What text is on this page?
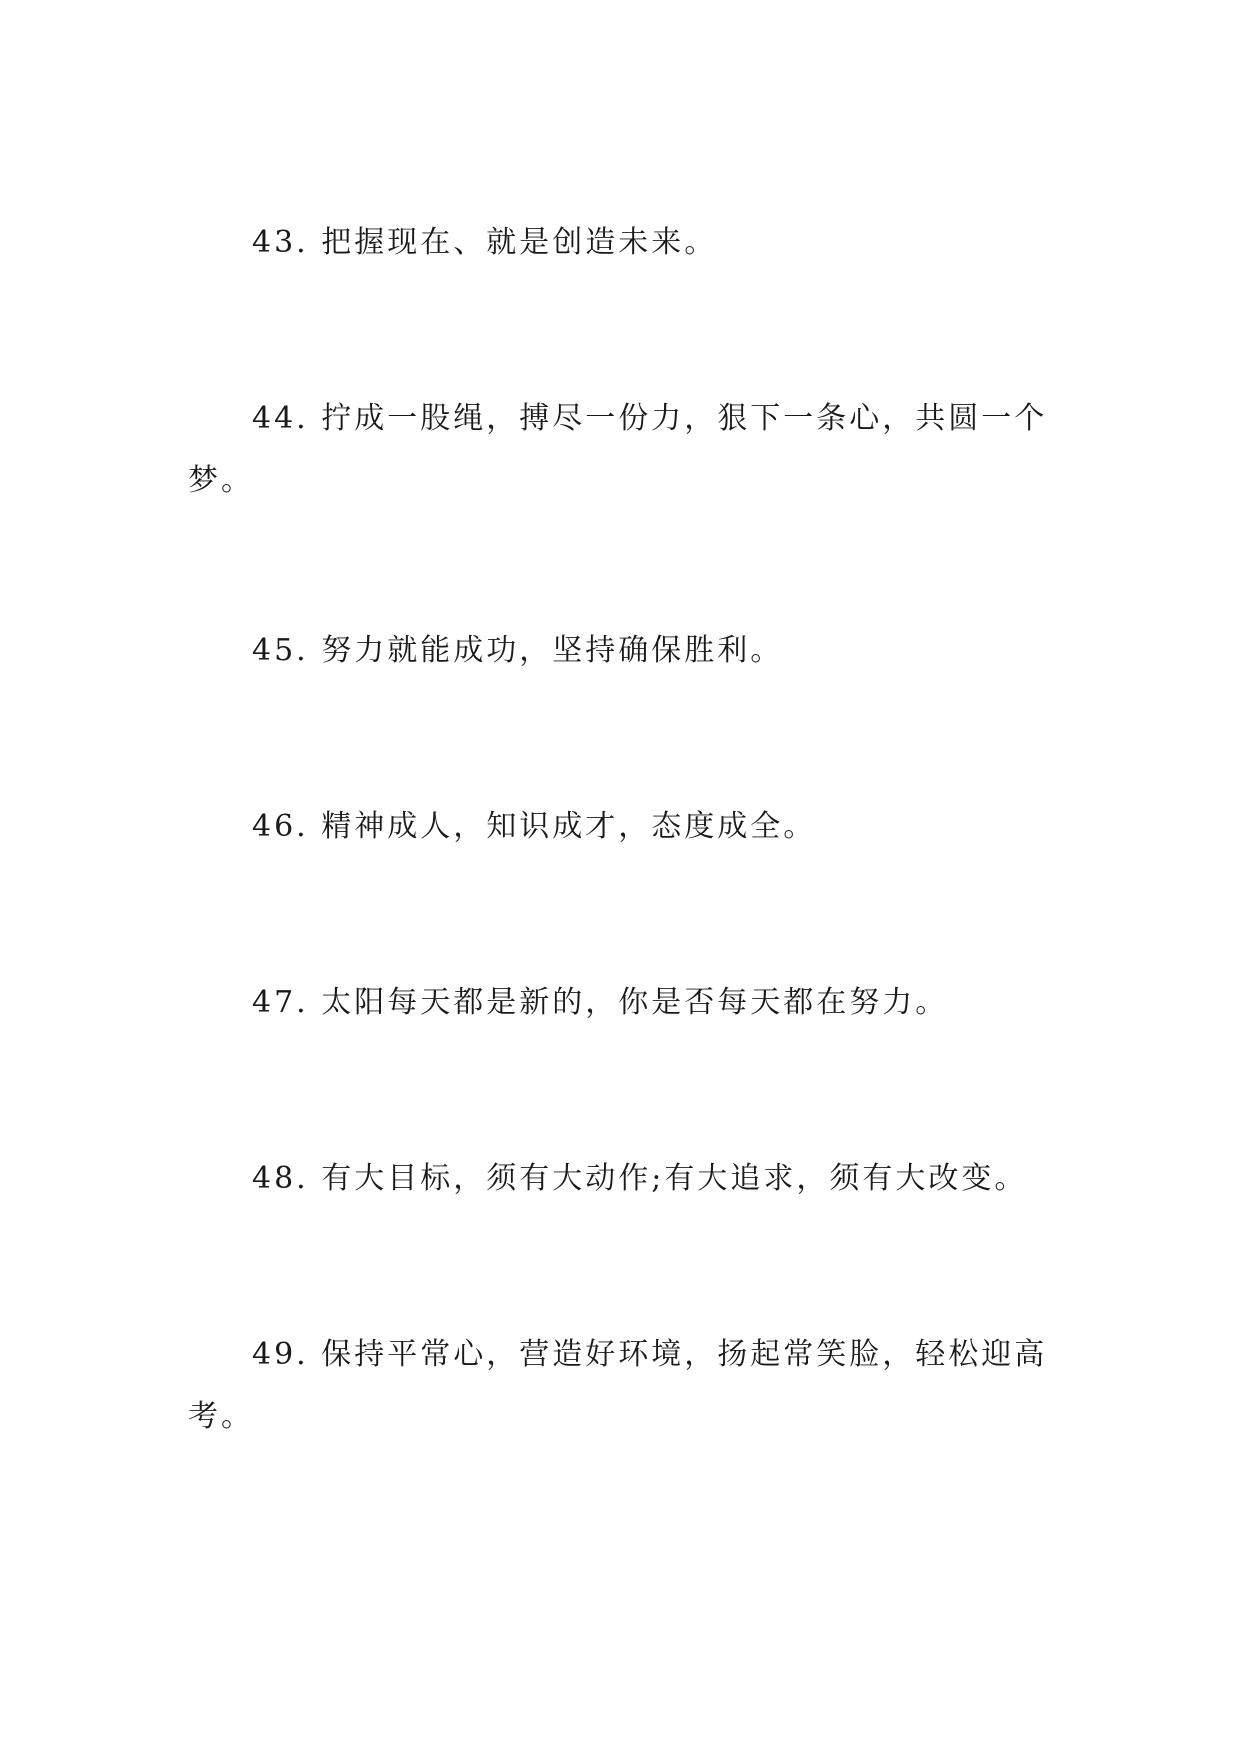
43. 把握现在、就是创造未来。

44. 拧成一股绳，搏尽一份力，狠下一条心，共圆一个梦。

45. 努力就能成功，坚持确保胜利。

46. 精神成人，知识成才，态度成全。

47. 太阳每天都是新的，你是否每天都在努力。

48. 有大目标，须有大动作;有大追求，须有大改变。

49. 保持平常心，营造好环境，扬起常笑脸，轻松迎高考。
